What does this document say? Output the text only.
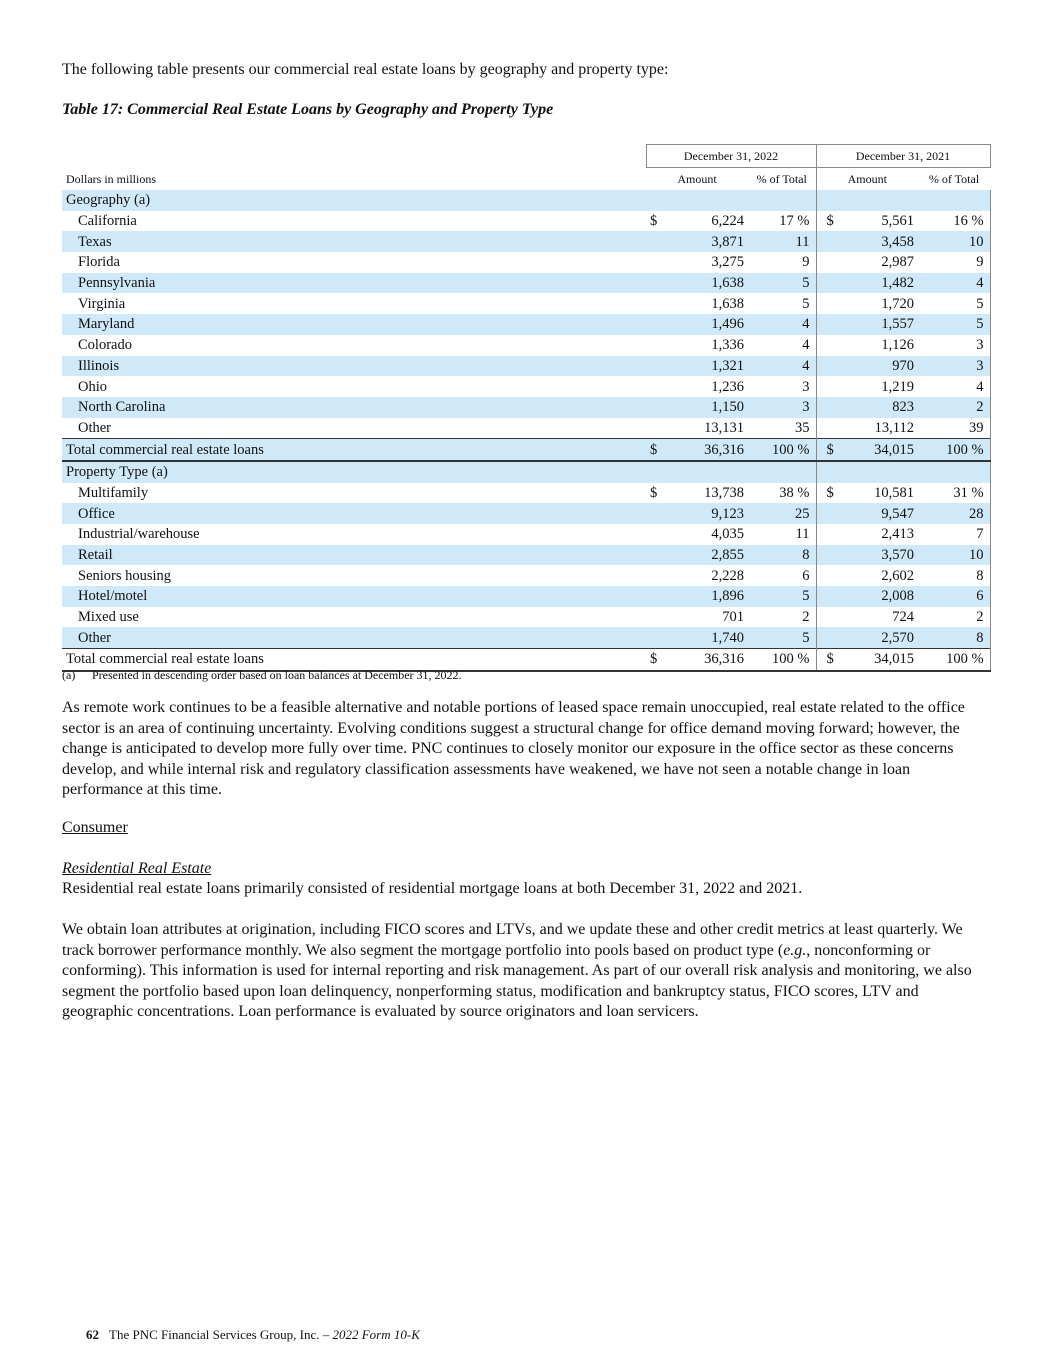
The following table presents our commercial real estate loans by geography and property type:

Table 17: Commercial Real Estate Loans by Geography and Property Type

	December 31, 2022			December 31, 2021		
Dollars in millions	Amount		% of Total	Amount		% of Total
Geography (a)						
California	$	6,224	17 %	$	5,561	16 %
Texas		3,871	11		3,458	10
Florida		3,275	9		2,987	9
Pennsylvania		1,638	5		1,482	4
Virginia		1,638	5		1,720	5
Maryland		1,496	4		1,557	5
Colorado		1,336	4		1,126	3
Illinois		1,321	4		970	3
Ohio		1,236	3		1,219	4
North Carolina		1,150	3		823	2
Other		13,131	35		13,112	39
Total commercial real estate loans	$	36,316	100 %	$	34,015	100 %
Property Type (a)						
Multifamily	$	13,738	38 %	$	10,581	31 %
Office		9,123	25		9,547	28
Industrial/warehouse		4,035	11		2,413	7
Retail		2,855	8		3,570	10
Seniors housing		2,228	6		2,602	8
Hotel/motel		1,896	5		2,008	6
Mixed use		701	2		724	2
Other		1,740	5		2,570	8
Total commercial real estate loans	$	36,316	100 %	$	34,015	100 %

(a) Presented in descending order based on loan balances at December 31, 2022.

As remote work continues to be a feasible alternative and notable portions of leased space remain unoccupied, real estate related to the office sector is an area of continuing uncertainty. Evolving conditions suggest a structural change for office demand moving forward; however, the change is anticipated to develop more fully over time. PNC continues to closely monitor our exposure in the office sector as these concerns develop, and while internal risk and regulatory classification assessments have weakened, we have not seen a notable change in loan performance at this time.

Consumer

Residential Real Estate

Residential real estate loans primarily consisted of residential mortgage loans at both December 31, 2022 and 2021.

We obtain loan attributes at origination, including FICO scores and LTVs, and we update these and other credit metrics at least quarterly. We track borrower performance monthly. We also segment the mortgage portfolio into pools based on product type (e.g., nonconforming or conforming). This information is used for internal reporting and risk management. As part of our overall risk analysis and monitoring, we also segment the portfolio based upon loan delinquency, nonperforming status, modification and bankruptcy status, FICO scores, LTV and geographic concentrations. Loan performance is evaluated by source originators and loan servicers.

62 The PNC Financial Services Group, Inc. – 2022 Form 10-K
